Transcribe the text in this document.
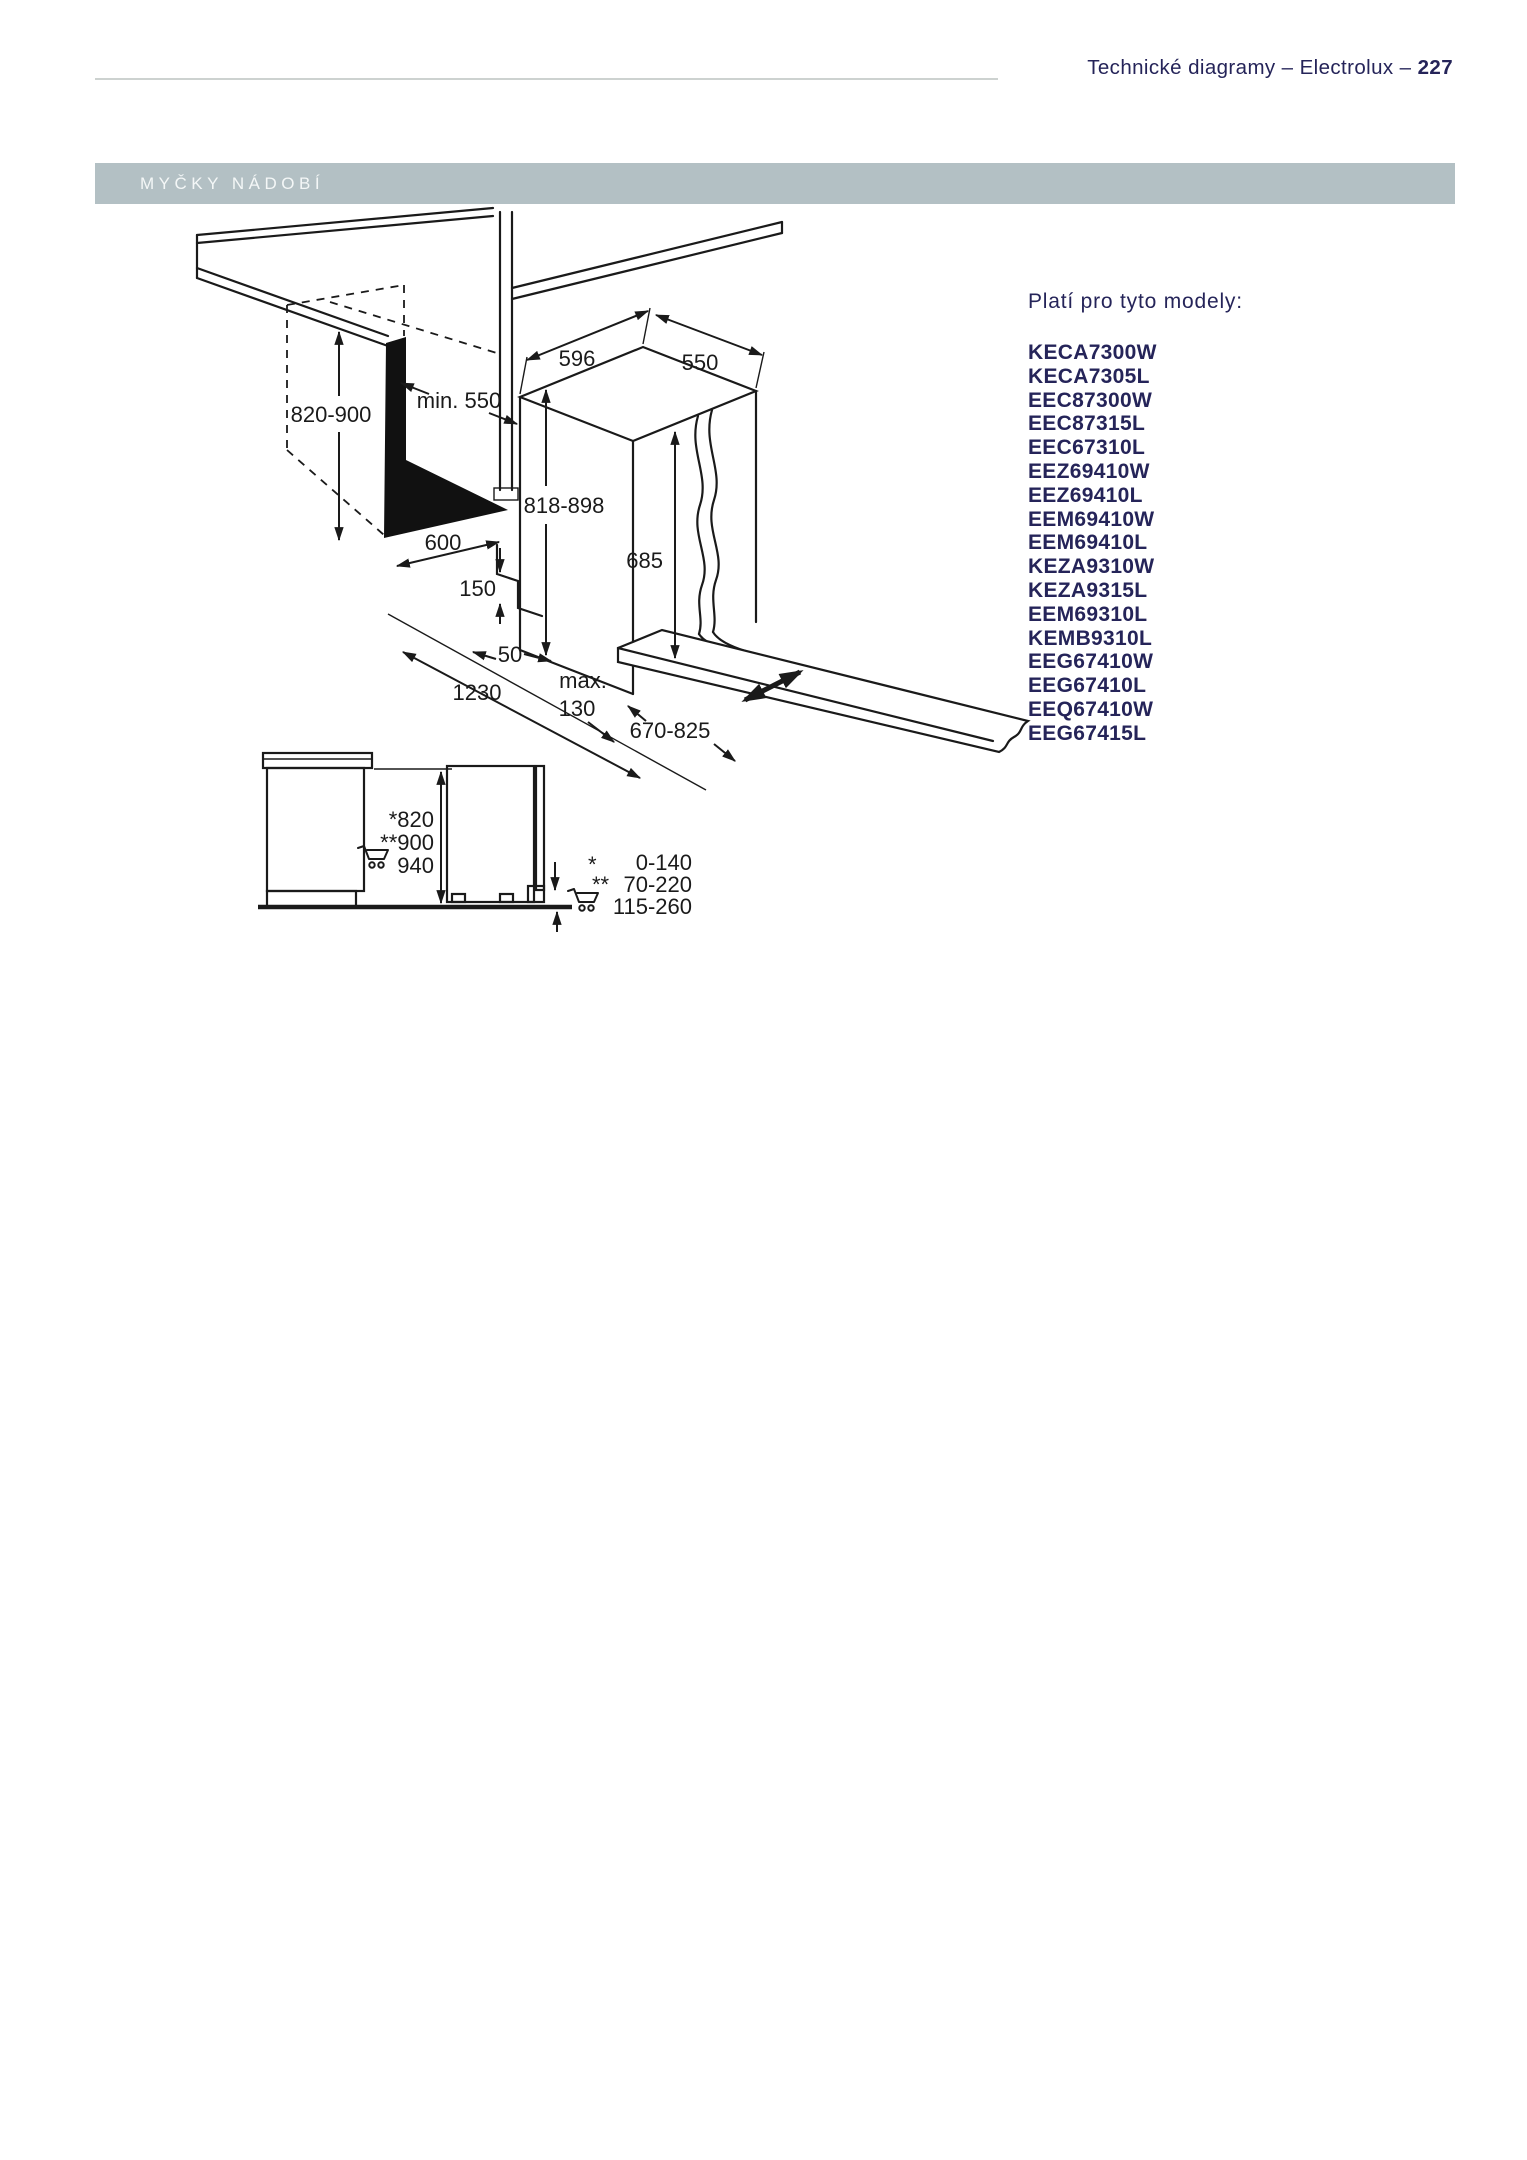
Technické diagramy – Electrolux – 227
MYČKY NÁDOBÍ
Platí pro tyto modely:
KECA7300W
KECA7305L
EEC87300W
EEC87315L
EEC67310L
EEZ69410W
EEZ69410L
EEM69410W
EEM69410L
KEZA9310W
KEZA9315L
EEM69310L
KEMB9310L
EEG67410W
EEG67410L
EEQ67410W
EEG67415L
596	550
min. 550
820-900
818-898
685
600
150
50
1230	max.
130
670-825
*820
**900
940	* 0-140
** 70-220
115-260
